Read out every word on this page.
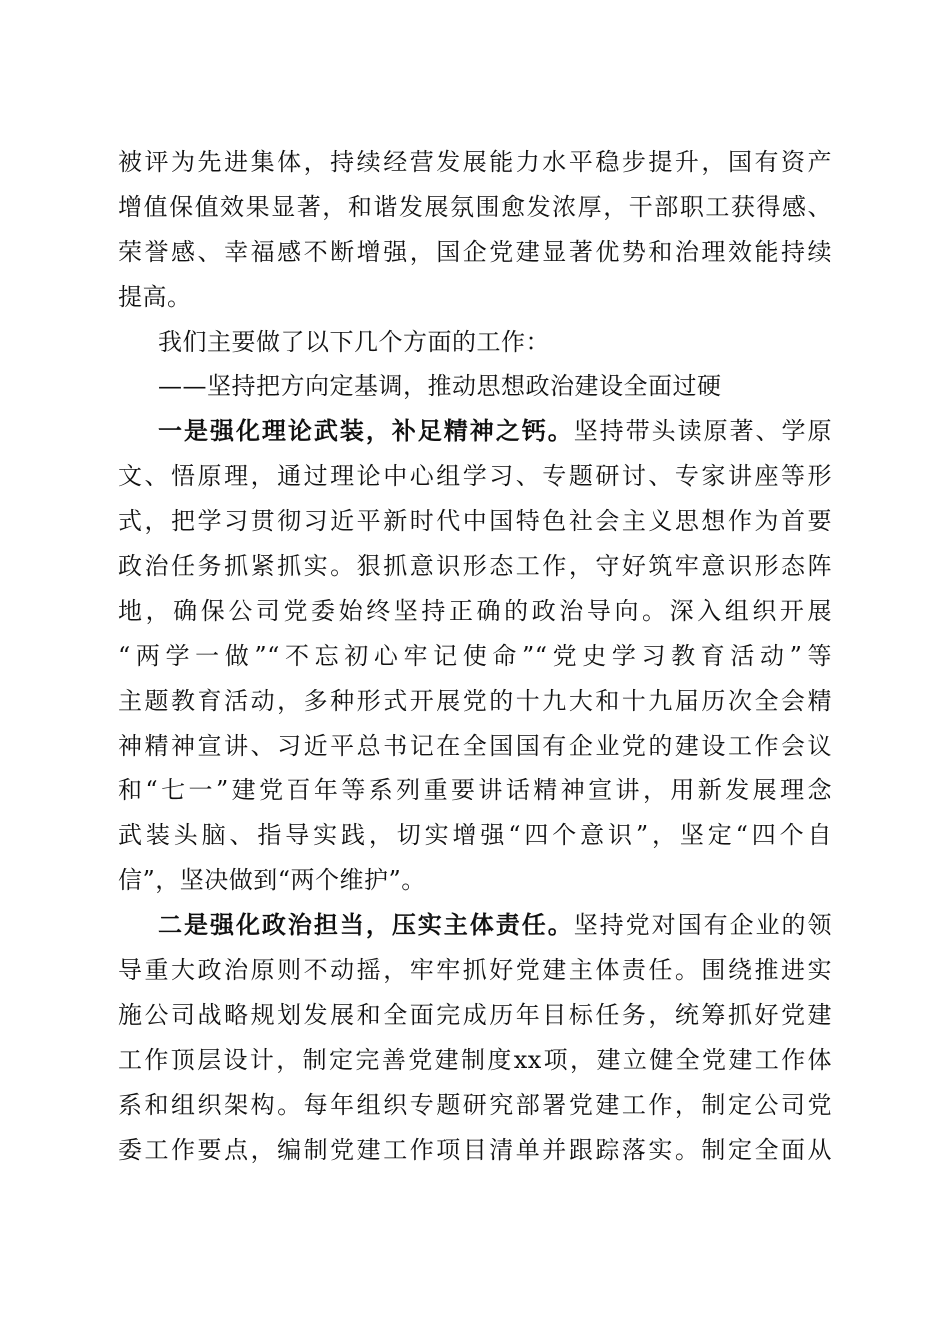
被评为先进集体，持续经营发展能力水平稳步提升，国有资产
增值保值效果显著，和谐发展氛围愈发浓厚，干部职工获得感、
荣誉感、幸福感不断增强，国企党建显著优势和治理效能持续
提高。
我们主要做了以下几个方面的工作：
——坚持把方向定基调，推动思想政治建设全面过硬
一是强化理论武装，补足精神之钙。坚持带头读原著、学原
文、悟原理，通过理论中心组学习、专题研讨、专家讲座等形
式，把学习贯彻习近平新时代中国特色社会主义思想作为首要
政治任务抓紧抓实。狠抓意识形态工作，守好筑牢意识形态阵
地，确保公司党委始终坚持正确的政治导向。深入组织开展
“两学一做”“不忘初心牢记使命”“党史学习教育活动”等
主题教育活动，多种形式开展党的十九大和十九届历次全会精
神精神宣讲、习近平总书记在全国国有企业党的建设工作会议
和“七一”建党百年等系列重要讲话精神宣讲，用新发展理念
武装头脑、指导实践，切实增强“四个意识”，坚定“四个自
信”，坚决做到“两个维护”。
二是强化政治担当，压实主体责任。坚持党对国有企业的领
导重大政治原则不动摇，牢牢抓好党建主体责任。围绕推进实
施公司战略规划发展和全面完成历年目标任务，统筹抓好党建
工作顶层设计，制定完善党建制度xx项，建立健全党建工作体
系和组织架构。每年组织专题研究部署党建工作，制定公司党
委工作要点，编制党建工作项目清单并跟踪落实。制定全面从
